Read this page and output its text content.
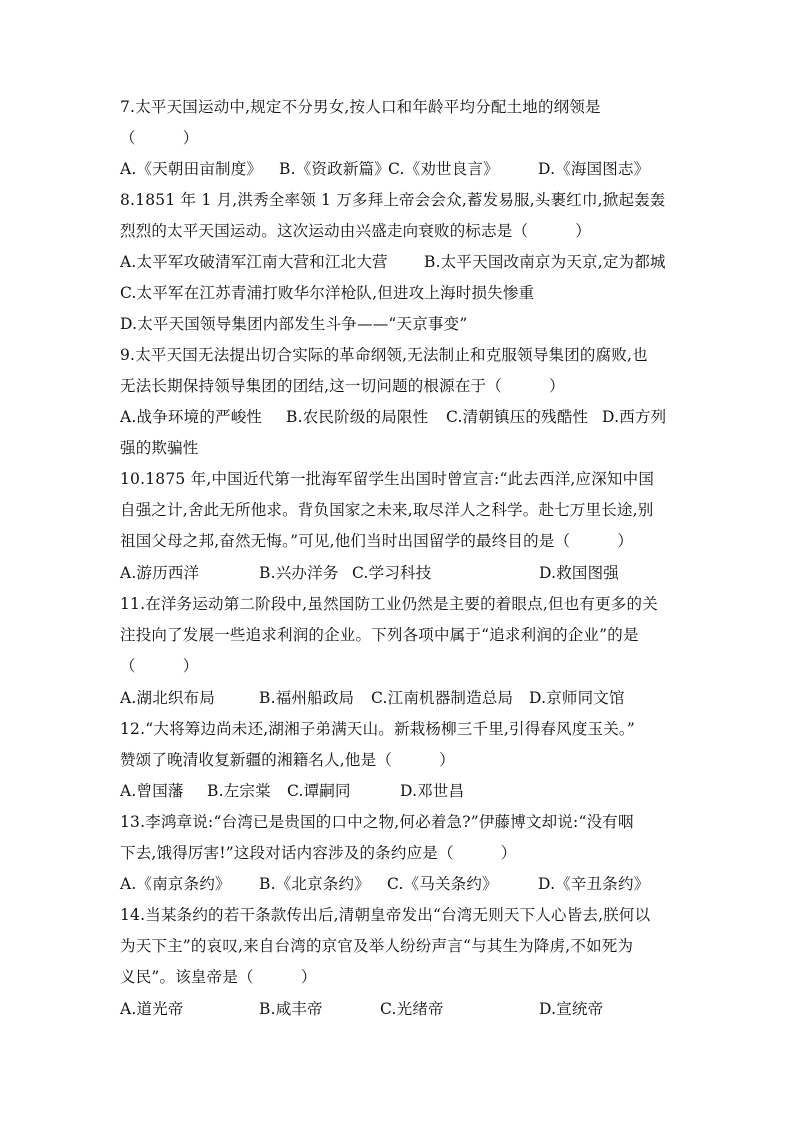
7.太平天国运动中,规定不分男女,按人口和年龄平均分配土地的纲领是
（　　　）
A.《天朝田亩制度》 B.《资政新篇》
C.《劝世良言》	D.《海国图志》
8.1851 年 1 月,洪秀全率领 1 万多拜上帝会会众,蓄发易服,头裹红巾,掀起轰轰
烈烈的太平天国运动。这次运动由兴盛走向衰败的标志是（　　　）
A.太平军攻破清军江南大营和江北大营 B.太平天国改南京为天京,定为都城
C.太平军在江苏青浦打败华尔洋枪队,但进攻上海时损失惨重
D.太平天国领导集团内部发生斗争——“天京事变”
9.太平天国无法提出切合实际的革命纲领,无法制止和克服领导集团的腐败,也
无法长期保持领导集团的团结,这一切问题的根源在于（　　　）
A.战争环境的严峻性 B.农民阶级的局限性 C.清朝镇压的残酷性 D.西方列
强的欺骗性
10.1875 年,中国近代第一批海军留学生出国时曾宣言:“此去西洋,应深知中国
自强之计,舍此无所他求。背负国家之未来,取尽洋人之科学。赴七万里长途,别
祖国父母之邦,奋然无悔。”可见,他们当时出国留学的最终目的是（　　　）
A.游历西洋	B.兴办洋务 C.学习科技	D.救国图强
11.在洋务运动第二阶段中,虽然国防工业仍然是主要的着眼点,但也有更多的关
注投向了发展一些追求利润的企业。下列各项中属于“追求利润的企业”的是
（　　　）
A.湖北织布局	B.福州船政局 C.江南机器制造总局 D.京师同文馆
12.“大将筹边尚未还,湖湘子弟满天山。新栽杨柳三千里,引得春风度玉关。”
赞颂了晚清收复新疆的湘籍名人,他是（　　　）
A.曾国藩 B.左宗棠 C.谭嗣同	D.邓世昌
13.李鸿章说:“台湾已是贵国的口中之物,何必着急?”伊藤博文却说:“没有咽
下去,饿得厉害!”这段对话内容涉及的条约应是（　　　）
A.《南京条约》 B.《北京条约》 C.《马关条约》	D.《辛丑条约》
14.当某条约的若干条款传出后,清朝皇帝发出“台湾无则天下人心皆去,朕何以
为天下主”的哀叹,来自台湾的京官及举人纷纷声言“与其生为降虏,不如死为
义民”。该皇帝是（　　　）
A.道光帝	B.咸丰帝	C.光绪帝	D.宣统帝
